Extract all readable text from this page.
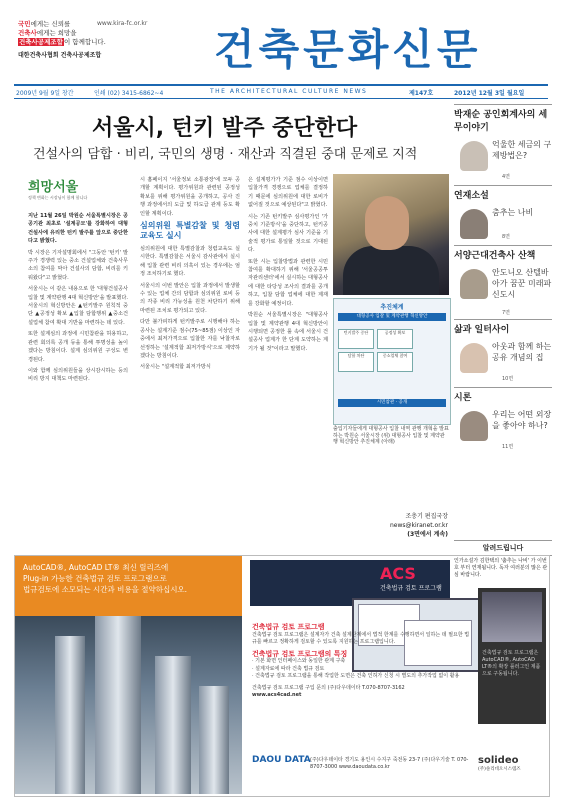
국민에게는 신뢰를
건축사에게는 희망을
건축사공제조합이 함께합니다.
대한건축사협회 건축사공제조합
www.kira-fc.or.kr
건축문화신문
2009년 9월 9일 창간	인쇄 (02) 3415-6862~4	THE ARCHITECTURAL CULTURE NEWS	제147호	2012년 12월 3일 월요일
서울시, 턴키 발주 중단한다
건설사의 담합 · 비리, 국민의 생명 · 재산과 직결된 중대 문제로 지적
희망서울
정책 변화는 시장님이 함께 합니다

지난 11월 26일 박원순 서울특별시장은 공공기관 최초로 '설계공모'를 강화하여 대형 건설사에 유리한 턴키 발주를 앞으로 중단한다고 밝혔다.

박 시장은 기자설명회에서 "그동안 '턴키' 발주가 경쟁력 있는 중소 건설업체와 건축사무소의 참여를 막아 건설사의 담합, 비리를 키워왔다"고 밝혔다.

서울시는 이 같은 내용으로 한 '대형건설공사 입찰 및 계약관행 4대 혁신방안'을 발표했다. 서울시의 혁신방안은 ▲턴키발주 원칙적 중단 ▲공정성 확보 ▲입찰 담합행위 ▲중소건설업체 참여 확대 기반을 마련하는 데 있다.

또한 설계심의 과정에 시민참관을 허용하고, 관련 회의록 공개 등을 통해 투명성을 높이겠다는 방침이다. 설계 심의위원 구성도 변경된다.

이와 함께 심의위원들을 상시감시하는 등의 비리 방지 대책도 마련된다.

시 홈페이지 '서울정보 소통광장'에 모두 공개할 계획이다. 평가위원과 관련된 공정성 확보를 위해 평가위원을 공개하고, 공사 진행 과정에서의 도급 및 하도급 관계 등도 확인할 계획이다.

심의위원 특별감찰 및 청렴교육도 실시

심의위원에 대한 특별감찰과 청렴교육도 실시한다. 특별감찰은 서울시 감사관에서 실시해 입찰 관련 비리 의혹이 있는 경우에는 엄정 조치하기로 했다.

서울시의 이번 발안은 입찰 과정에서 발생할 수 있는 업체 간의 담합과 심의위원 로비 등의 각종 비리 가능성을 원천 차단하기 위해 마련된 조치로 평가되고 있다.

다만 불가피하게 턴키발주로 시행해야 하는 공사는 설계기준 점수(75~85점) 이상인 자 중에서 최저가격으로 입찰한 자를 낙찰자로 선정하는 '설계적합 최저가방식'으로 계약하겠다는 방침이다.

서울시는 "설계적합 최저가방식

은 설계평가가 기준 점수 이상이면 입찰가격 경쟁으로 업체를 결정하기 때문에 심의위원에 대한 로비가 없어질 것으로 예상된다"고 밝혔다.

시는 기존 턴키발주 심사평가인 '가중치 기준방식'을 중단하고, 턴키공사에 대한 설계평가 심사 기준을 기술적 평가로 통일할 것으로 기대된다.

또한 시는 입찰방법과 관련한 시민 참여를 확대하기 위해 '서울공공투자관리센터'에서 실시하는 대형공사에 대한 타당성 조사의 결과를 공개하고, 입찰 담합 업체에 대한 제재를 강화할 예정이다.

박원순 서울특별시장은 "대형공사 입찰 및 계약관행 4대 혁신방안이 시행되면 공정한 룰 속에 서울시 건설공사 업계가 한 단계 도약하는 계기가 될 것"이라고 말했다.

추진체계
대형공사 입찰 및 계약관행 혁신방안
턴키발주 중단	공정성 확보
담합 차단	중소업체 참여
시민참관 · 공개
출입기자들에게 대형공사 입찰 내역 관행 개혁을 발표하는 박원순 서울시장 (위) 대형공사 입찰 및 계약관행 혁신방안 추진체계 (아래)
조충기 편집국장
news@kiranet.or.kr
(3면에서 계속)
박재순 공인회계사의 세무이야기
억울한 세금의 구제방법은?
4면
연재소설
춤추는 나비
8면
서양근대건축사 산책
안도니오 산텔바아가 꿈꾼 미래파 신도시
7면
삶과 일터사이
아웃과 함께 하는 공유 개념의 집
10면
시론
우리는 어떤 외장을 좋아야 하나?
11면
알려드립니다
인가소설가 김한택의 '춤추는 나비' 가 이번 호 부터 연재됩니다. 독자 여러분의 많은 관심 바랍니다.
AutoCAD®, AutoCAD LT® 최신 릴리즈에
Plug-in 가능한 건축법규 검토 프로그램으로
법규검토에 소모되는 시간과 비용을 절약하십시오.
ACS
건축법규 검토 프로그램
건축법규 검토 프로그램
건축법규 검토 프로그램은 설계자가 건축 설계단계에서 법적 한계를 수행하면서 일하는 데 필요한 법규를 빠르고 정확하게 검토할 수 있도록 지원하는 프로그램입니다.
건축법규 검토 프로그램의 특징
· 기본 화면 인터페이스와 동일한 관계 구축
· 설계자료에 따라 건축 법규 검토
· 건축법규 검토 프로그램을 통해 작업한 도면은 건축 인허가 신청 시 별도의 추가작업 없이 활용
건축법규 검토 프로그램 구입 문의 (주)다우데이타 T.070-8707-3162
www.acs4cad.net
건축법규 검토 프로그램은 AutoCAD®, AutoCAD LT®의 확장 플러그인 제품으로 구동됩니다.
DAOU DATA (주)다우데이타 경기도 용인시 수지구 죽전동 23-7 (주)다우기술 T. 070-8707-3000 www.daoudata.co.kr
solideo
(주)솔리데오시스템즈
